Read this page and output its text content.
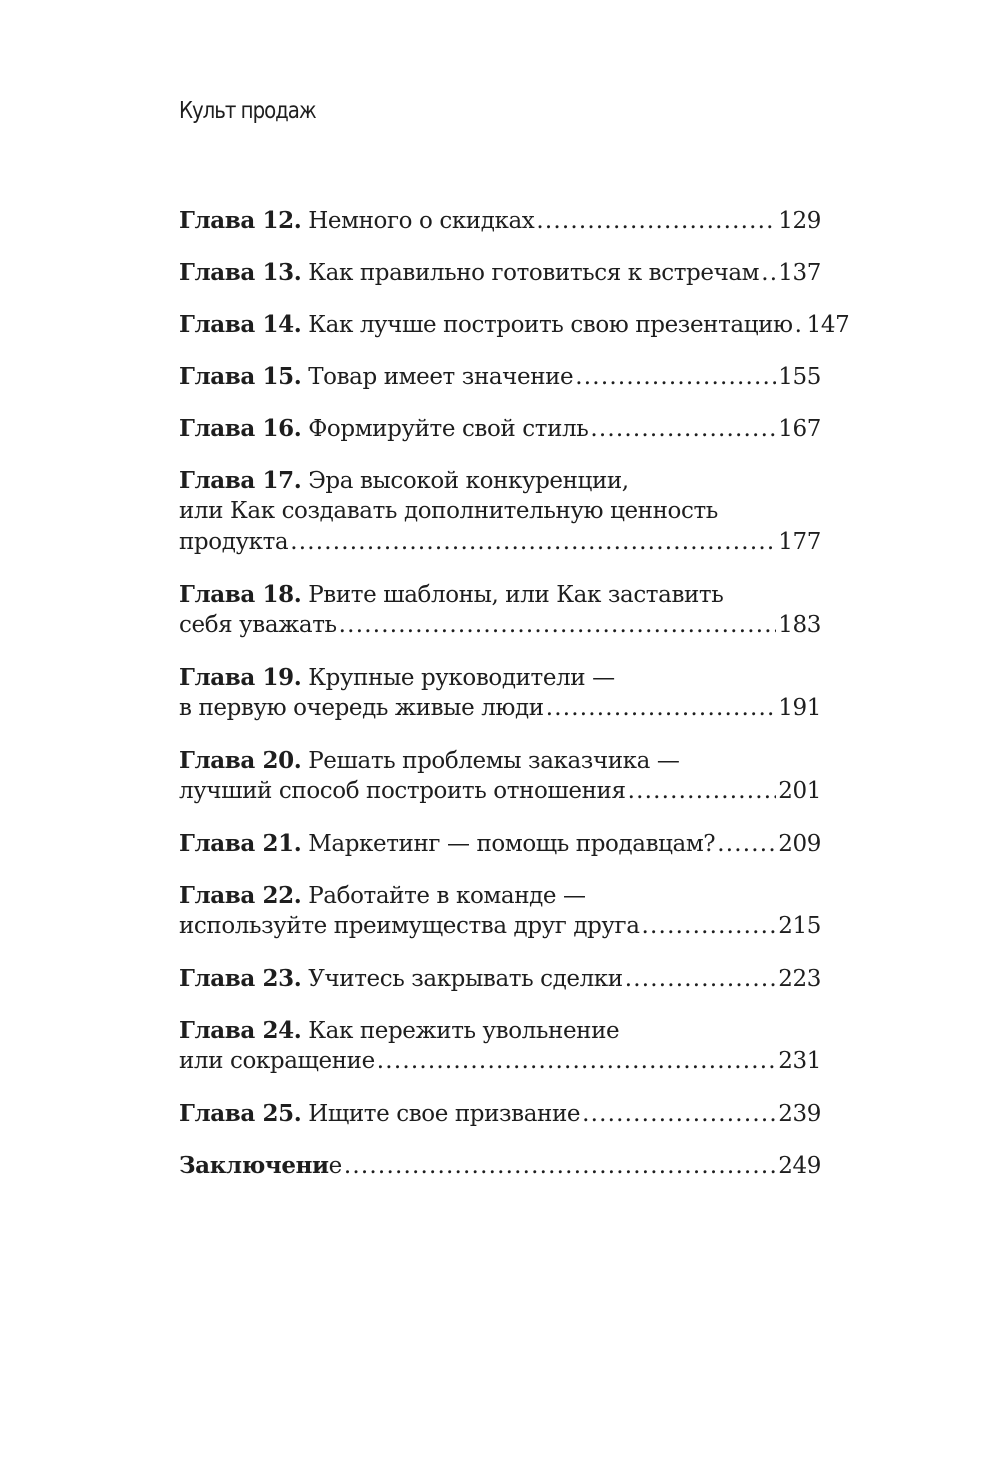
Культ продаж
Глава 12. Немного о скидках .....	129
Глава 13. Как правильно готовиться к встречам ..... 137
Глава 14. Как лучше построить свою презентацию ..... 147
Глава 15. Товар имеет значение .....	155
Глава 16. Формируйте свой стиль .....	167
Глава 17. Эра высокой конкуренции,
или Как создавать дополнительную ценность
продукта .....	177
Глава 18. Рвите шаблоны, или Как заставить
себя уважать .....	183
Глава 19. Крупные руководители —
в первую очередь живые люди .....	191
Глава 20. Решать проблемы заказчика —
лучший способ построить отношения .....	201
Глава 21. Маркетинг — помощь продавцам? .....	209
Глава 22. Работайте в команде —
используйте преимущества друг друга .....	215
Глава 23. Учитесь закрывать сделки .....	223
Глава 24. Как пережить увольнение
или сокращение .....	231
Глава 25. Ищите свое призвание .....	239
Заключение .....	249
